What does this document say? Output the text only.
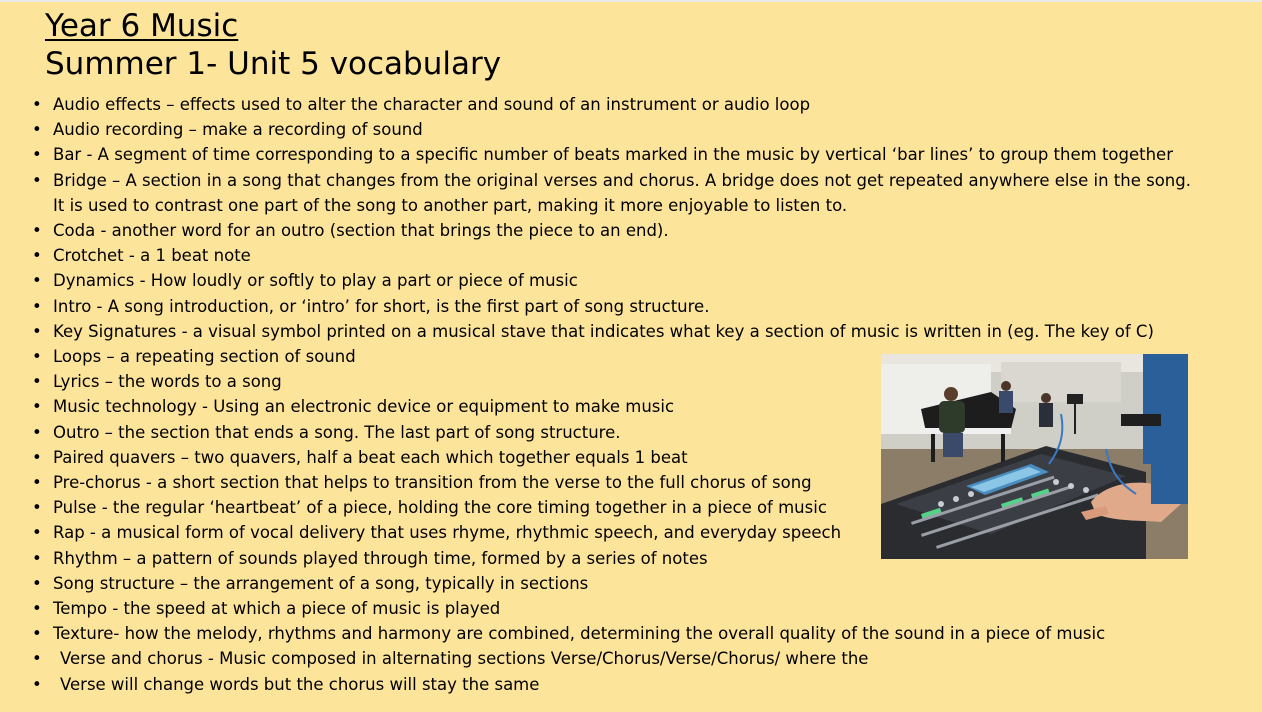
Year 6 Music
Summer 1- Unit 5 vocabulary
• Audio effects – effects used to alter the character and sound of an instrument or audio loop
• Audio recording – make a recording of sound
• Bar - A segment of time corresponding to a specific number of beats marked in the music by vertical ‘bar lines’ to group them together
• Bridge – A section in a song that changes from the original verses and chorus. A bridge does not get repeated anywhere else in the song. It is used to contrast one part of the song to another part, making it more enjoyable to listen to.
• Coda - another word for an outro (section that brings the piece to an end).
• Crotchet - a 1 beat note
• Dynamics - How loudly or softly to play a part or piece of music
• Intro - A song introduction, or ‘intro’ for short, is the first part of song structure.
• Key Signatures - a visual symbol printed on a musical stave that indicates what key a section of music is written in (eg. The key of C)
• Loops – a repeating section of sound
• Lyrics – the words to a song
• Music technology - Using an electronic device or equipment to make music
• Outro – the section that ends a song. The last part of song structure.
• Paired quavers – two quavers, half a beat each which together equals 1 beat
• Pre-chorus - a short section that helps to transition from the verse to the full chorus of song
• Pulse - the regular ‘heartbeat’ of a piece, holding the core timing together in a piece of music
• Rap - a musical form of vocal delivery that uses rhyme, rhythmic speech, and everyday speech
• Rhythm – a pattern of sounds played through time, formed by a series of notes
• Song structure – the arrangement of a song, typically in sections
• Tempo - the speed at which a piece of music is played
• Texture- how the melody, rhythms and harmony are combined, determining the overall quality of the sound in a piece of music
• Verse and chorus - Music composed in alternating sections Verse/Chorus/Verse/Chorus/ where the
• Verse will change words but the chorus will stay the same
